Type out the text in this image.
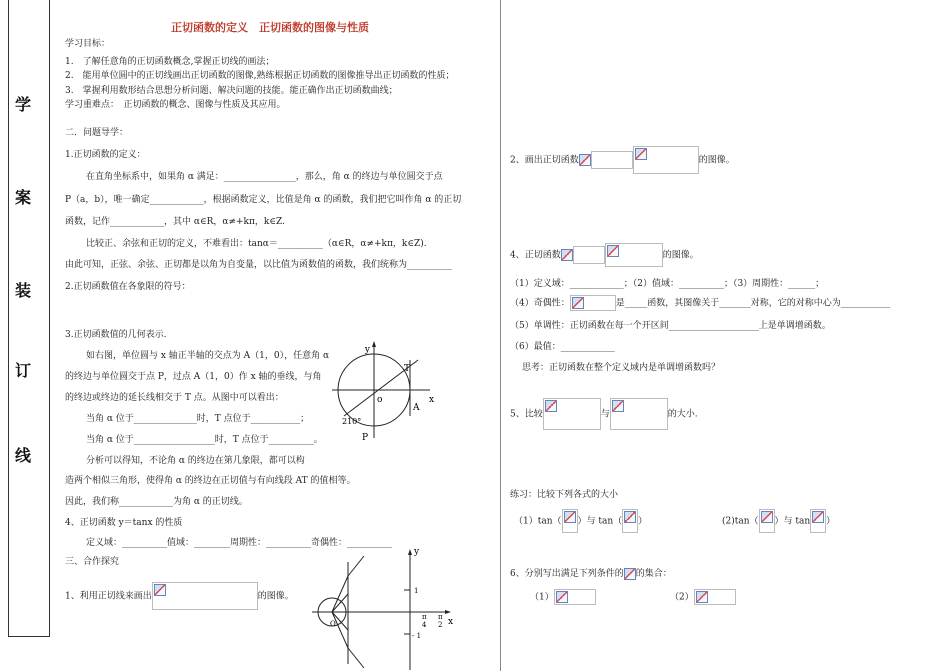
学
案
装
订
线
正切函数的定义　正切函数的图像与性质
学习目标：
1.　了解任意角的正切函数概念,掌握正切线的画法；
2.　能用单位圆中的正切线画出正切函数的图像,熟练根据正切函数的图像推导出正切函数的性质；
3.　掌握利用数形结合思想分析问题、解决问题的技能。能正确作出正切函数曲线；
学习重难点：　正切函数的概念、图像与性质及其应用。
二．问题导学：
1.正切函数的定义：
在直角坐标系中，如果角 α 满足：________________，那么，角 α 的终边与单位圆交于点
P（a，b），唯一确定____________，根据函数定义，比值是角 α 的函数，我们把它叫作角 α 的正切
函数，记作____________，其中 α∈R，α≠+kπ，k∈Z.
比较正、余弦和正切的定义，不难看出：tanα＝__________（α∈R，α≠+kπ，k∈Z).
由此可知，正弦、余弦、正切都是以角为自变量，以比值为函数值的函数，我们统称为__________
2.正切函数值在各象限的符号：
3.正切函数值的几何表示.
如右图，单位圆与 x 轴正半轴的交点为 A（1，0），任意角 α
的终边与单位圆交于点 P，过点 A（1，0）作 x 轴的垂线，与角
的终边或终边的延长线相交于 T 点。从图中可以看出：
当角 α 位于______________时，T 点位于___________；
当角 α 位于__________________时，T 点位于__________。
分析可以得知，不论角 α 的终边在第几象限，都可以构
造两个相似三角形，使得角 α 的终边在正切值与有向线段 AT 的值相等。
因此，我们称____________为角 α 的正切线。
4、正切函数 y＝tanx 的性质
定义域：__________值域：________周期性：__________奇偶性：__________
三、合作探究
1、利用正切线来画出	的图像。
y
x
T
A
o
P
210°
y
x
1
- 1
π
4
π
2
O
2、画出正切函数	的图像。
4、正切函数	的图像。
（1）定义域：____________；（2）值域：__________；（3）周期性：______；
（4）奇偶性：	是_____函数，其图像关于_______对称，它的对称中心为___________
（5）单调性：正切函数在每一个开区间____________________上是单调增函数。
（6）最值：____________
思考：正切函数在整个定义域内是单调增函数吗？
5、比较	与	的大小.
练习：比较下列各式的大小
（1）tan（ ）与 tan（ ）	(2)tan（ ）与 tan ）
6、分别写出满足下列条件的 的集合：
（1）	（2）
